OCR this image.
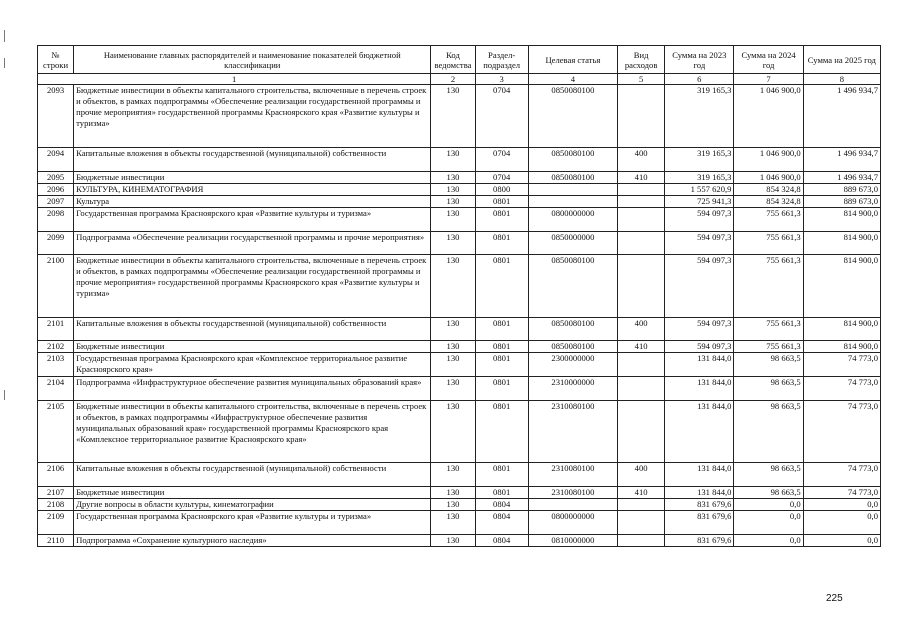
№ строки	Наименование главных распорядителей и наименование показателей бюджетной классификации	Код ведомства	Раздел-подраздел	Целевая статья	Вид расходов	Сумма на 2023 год	Сумма на 2024 год	Сумма на 2025 год
1		2	3	4	5	6	7	8
2093	Бюджетные инвестиции в объекты капитального строительства, включенные в перечень строек и объектов, в рамках подпрограммы «Обеспечение реализации государственной программы и прочие мероприятия» государственной программы Красноярского края «Развитие культуры и туризма»	130	0704	0850080100		319 165,3	1 046 900,0	1 496 934,7
2094	Капитальные вложения в объекты государственной (муниципальной) собственности	130	0704	0850080100	400	319 165,3	1 046 900,0	1 496 934,7
2095	Бюджетные инвестиции	130	0704	0850080100	410	319 165,3	1 046 900,0	1 496 934,7
2096	КУЛЬТУРА, КИНЕМАТОГРАФИЯ	130	0800			1 557 620,9	854 324,8	889 673,0
2097	Культура	130	0801			725 941,3	854 324,8	889 673,0
2098	Государственная программа Красноярского края «Развитие культуры и туризма»	130	0801	0800000000		594 097,3	755 661,3	814 900,0
2099	Подпрограмма «Обеспечение реализации государственной программы и прочие мероприятия»	130	0801	0850000000		594 097,3	755 661,3	814 900,0
2100	Бюджетные инвестиции в объекты капитального строительства, включенные в перечень строек и объектов, в рамках подпрограммы «Обеспечение реализации государственной программы и прочие мероприятия» государственной программы Красноярского края «Развитие культуры и туризма»	130	0801	0850080100		594 097,3	755 661,3	814 900,0
2101	Капитальные вложения в объекты государственной (муниципальной) собственности	130	0801	0850080100	400	594 097,3	755 661,3	814 900,0
2102	Бюджетные инвестиции	130	0801	0850080100	410	594 097,3	755 661,3	814 900,0
2103	Государственная программа Красноярского края «Комплексное территориальное развитие Красноярского края»	130	0801	2300000000		131 844,0	98 663,5	74 773,0
2104	Подпрограмма «Инфраструктурное обеспечение развития муниципальных образований края»	130	0801	2310000000		131 844,0	98 663,5	74 773,0
2105	Бюджетные инвестиции в объекты капитального строительства, включенные в перечень строек и объектов, в рамках подпрограммы «Инфраструктурное обеспечение развития муниципальных образований края» государственной программы Красноярского края «Комплексное территориальное развитие Красноярского края»	130	0801	2310080100		131 844,0	98 663,5	74 773,0
2106	Капитальные вложения в объекты государственной (муниципальной) собственности	130	0801	2310080100	400	131 844,0	98 663,5	74 773,0
2107	Бюджетные инвестиции	130	0801	2310080100	410	131 844,0	98 663,5	74 773,0
2108	Другие вопросы в области культуры, кинематографии	130	0804			831 679,6	0,0	0,0
2109	Государственная программа Красноярского края «Развитие культуры и туризма»	130	0804	0800000000		831 679,6	0,0	0,0
2110	Подпрограмма «Сохранение культурного наследия»	130	0804	0810000000		831 679,6	0,0	0,0
225
